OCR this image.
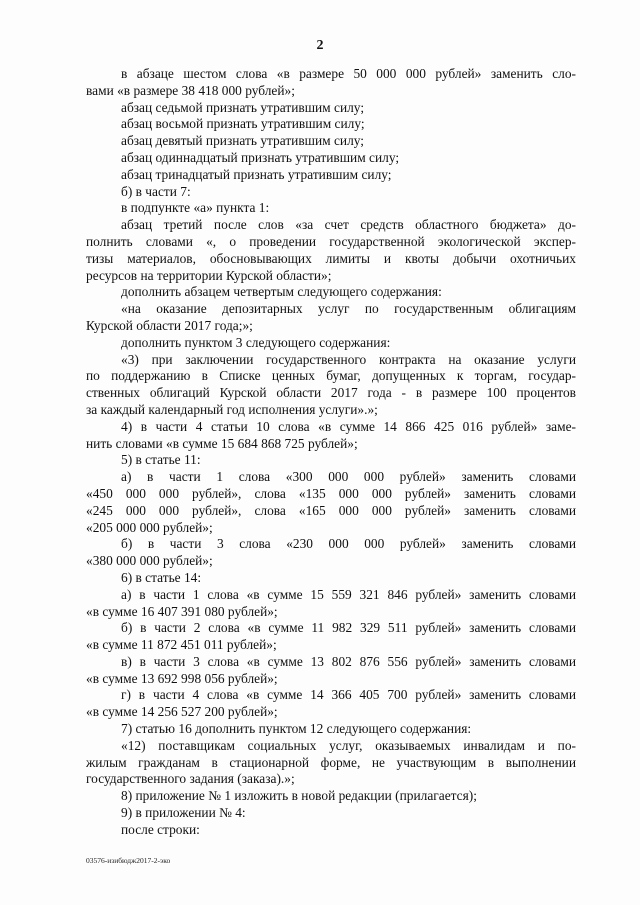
2
в абзаце шестом слова «в размере 50 000 000 рублей» заменить сло-
вами «в размере 38 418 000 рублей»;
абзац седьмой признать утратившим силу;
абзац восьмой признать утратившим силу;
абзац девятый признать утратившим силу;
абзац одиннадцатый признать утратившим силу;
абзац тринадцатый признать утратившим силу;
б) в части 7:
в подпункте «а» пункта 1:
абзац третий после слов «за счет средств областного бюджета» до-
полнить словами «, о проведении государственной экологической экспер-
тизы материалов, обосновывающих лимиты и квоты добычи охотничьих
ресурсов на территории Курской области»;
дополнить абзацем четвертым следующего содержания:
«на оказание депозитарных услуг по государственным облигациям
Курской области 2017 года;»;
дополнить пунктом 3 следующего содержания:
«3) при заключении государственного контракта на оказание услуги
по поддержанию в Списке ценных бумаг, допущенных к торгам, государ-
ственных облигаций Курской области 2017 года - в размере 100 процентов
за каждый календарный год исполнения услуги».»;
4) в части 4 статьи 10 слова «в сумме 14 866 425 016 рублей» заме-
нить словами «в сумме 15 684 868 725 рублей»;
5) в статье 11:
а) в части 1 слова «300 000 000 рублей» заменить словами
«450 000 000 рублей», слова «135 000 000 рублей» заменить словами
«245 000 000 рублей», слова «165 000 000 рублей» заменить словами
«205 000 000 рублей»;
б) в части 3 слова «230 000 000 рублей» заменить словами
«380 000 000 рублей»;
6) в статье 14:
а) в части 1 слова «в сумме 15 559 321 846 рублей» заменить словами
«в сумме 16 407 391 080 рублей»;
б) в части 2 слова «в сумме 11 982 329 511 рублей» заменить словами
«в сумме 11 872 451 011 рублей»;
в) в части 3 слова «в сумме 13 802 876 556 рублей» заменить словами
«в сумме 13 692 998 056 рублей»;
г) в части 4 слова «в сумме 14 366 405 700 рублей» заменить словами
«в сумме 14 256 527 200 рублей»;
7) статью 16 дополнить пунктом 12 следующего содержания:
«12) поставщикам социальных услуг, оказываемых инвалидам и по-
жилым гражданам в стационарной форме, не участвующим в выполнении
государственного задания (заказа).»;
8) приложение № 1 изложить в новой редакции (прилагается);
9) в приложении № 4:
после строки:
03576-изибюдж2017-2-эко
